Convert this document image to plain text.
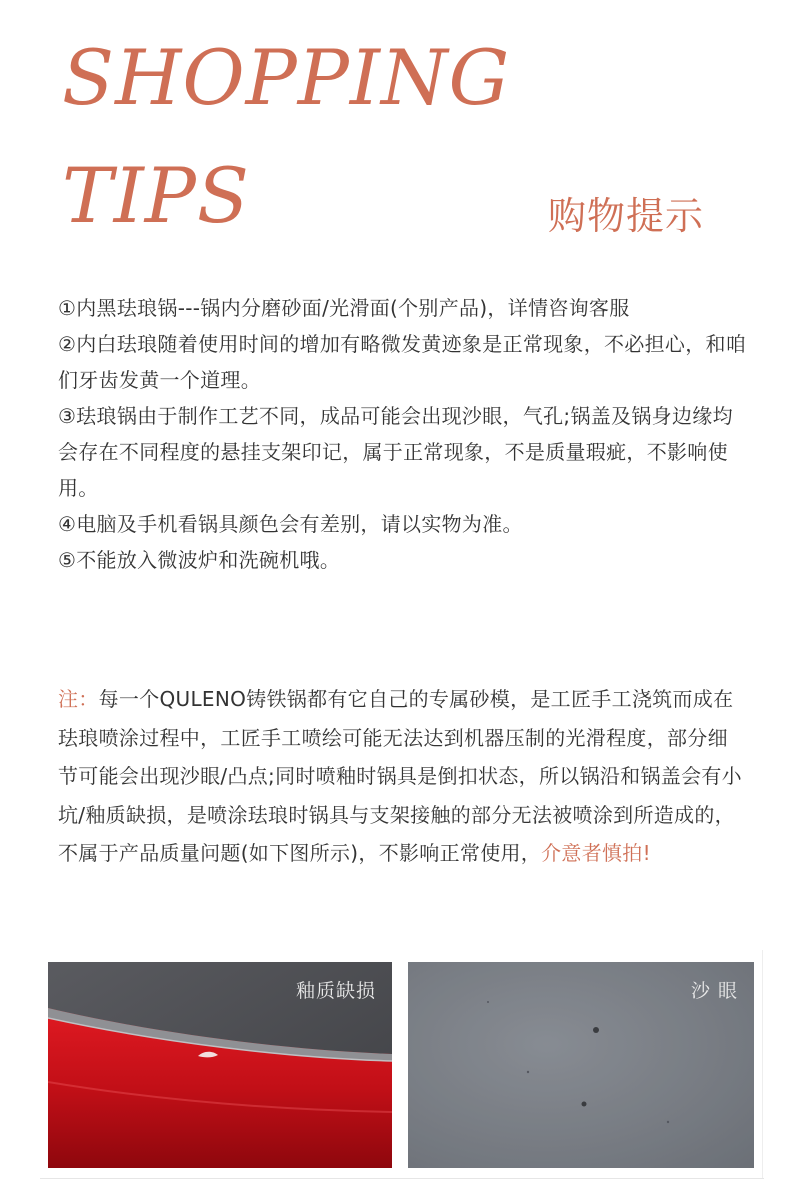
SHOPPING
TIPS	购物提示

①内黑珐琅锅---锅内分磨砂面/光滑面(个别产品)，详情咨询客服

②内白珐琅随着使用时间的增加有略微发黄迹象是正常现象，不必担心，和咱们牙齿发黄一个道理。

③珐琅锅由于制作工艺不同，成品可能会出现沙眼，气孔;锅盖及锅身边缘均会存在不同程度的悬挂支架印记，属于正常现象，不是质量瑕疵，不影响使用。

④电脑及手机看锅具颜色会有差别，请以实物为准。

⑤不能放入微波炉和洗碗机哦。

注：每一个QULENO铸铁锅都有它自己的专属砂模，是工匠手工浇筑而成在珐琅喷涂过程中，工匠手工喷绘可能无法达到机器压制的光滑程度，部分细节可能会出现沙眼/凸点;同时喷釉时锅具是倒扣状态，所以锅沿和锅盖会有小坑/釉质缺损，是喷涂珐琅时锅具与支架接触的部分无法被喷涂到所造成的，不属于产品质量问题(如下图所示)，不影响正常使用，介意者慎拍!
釉质缺损	沙 眼
